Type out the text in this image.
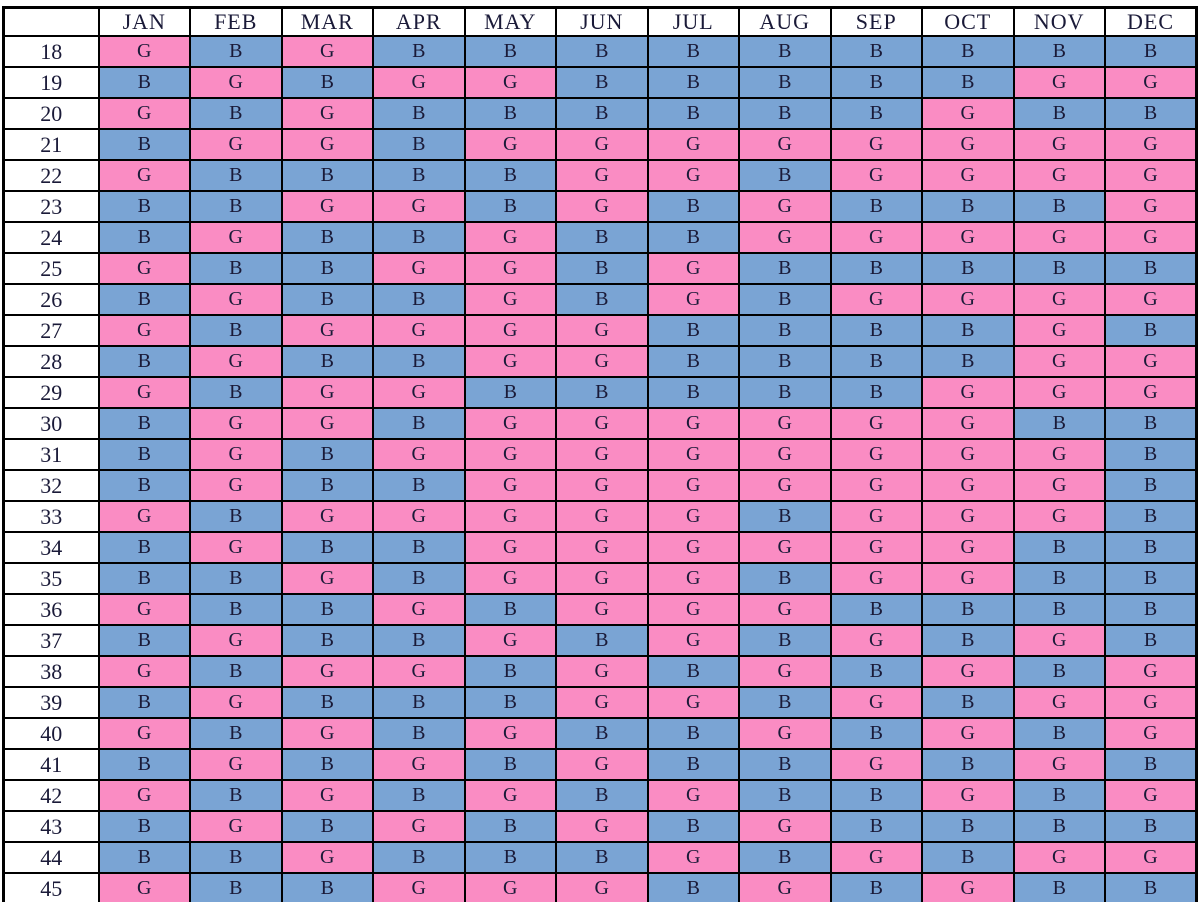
	JAN	FEB	MAR	APR	MAY	JUN	JUL	AUG	SEP	OCT	NOV	DEC
18	G	B	G	B	B	B	B	B	B	B	B	B
19	B	G	B	G	G	B	B	B	B	B	G	G
20	G	B	G	B	B	B	B	B	B	G	B	B
21	B	G	G	B	G	G	G	G	G	G	G	G
22	G	B	B	B	B	G	G	B	G	G	G	G
23	B	B	G	G	B	G	B	G	B	B	B	G
24	B	G	B	B	G	B	B	G	G	G	G	G
25	G	B	B	G	G	B	G	B	B	B	B	B
26	B	G	B	B	G	B	G	B	G	G	G	G
27	G	B	G	G	G	G	B	B	B	B	G	B
28	B	G	B	B	G	G	B	B	B	B	G	G
29	G	B	G	G	B	B	B	B	B	G	G	G
30	B	G	G	B	G	G	G	G	G	G	B	B
31	B	G	B	G	G	G	G	G	G	G	G	B
32	B	G	B	B	G	G	G	G	G	G	G	B
33	G	B	G	G	G	G	G	B	G	G	G	B
34	B	G	B	B	G	G	G	G	G	G	B	B
35	B	B	G	B	G	G	G	B	G	G	B	B
36	G	B	B	G	B	G	G	G	B	B	B	B
37	B	G	B	B	G	B	G	B	G	B	G	B
38	G	B	G	G	B	G	B	G	B	G	B	G
39	B	G	B	B	B	G	G	B	G	B	G	G
40	G	B	G	B	G	B	B	G	B	G	B	G
41	B	G	B	G	B	G	B	B	G	B	G	B
42	G	B	G	B	G	B	G	B	B	G	B	G
43	B	G	B	G	B	G	B	G	B	B	B	B
44	B	B	G	B	B	B	G	B	G	B	G	G
45	G	B	B	G	G	G	B	G	B	G	B	B
